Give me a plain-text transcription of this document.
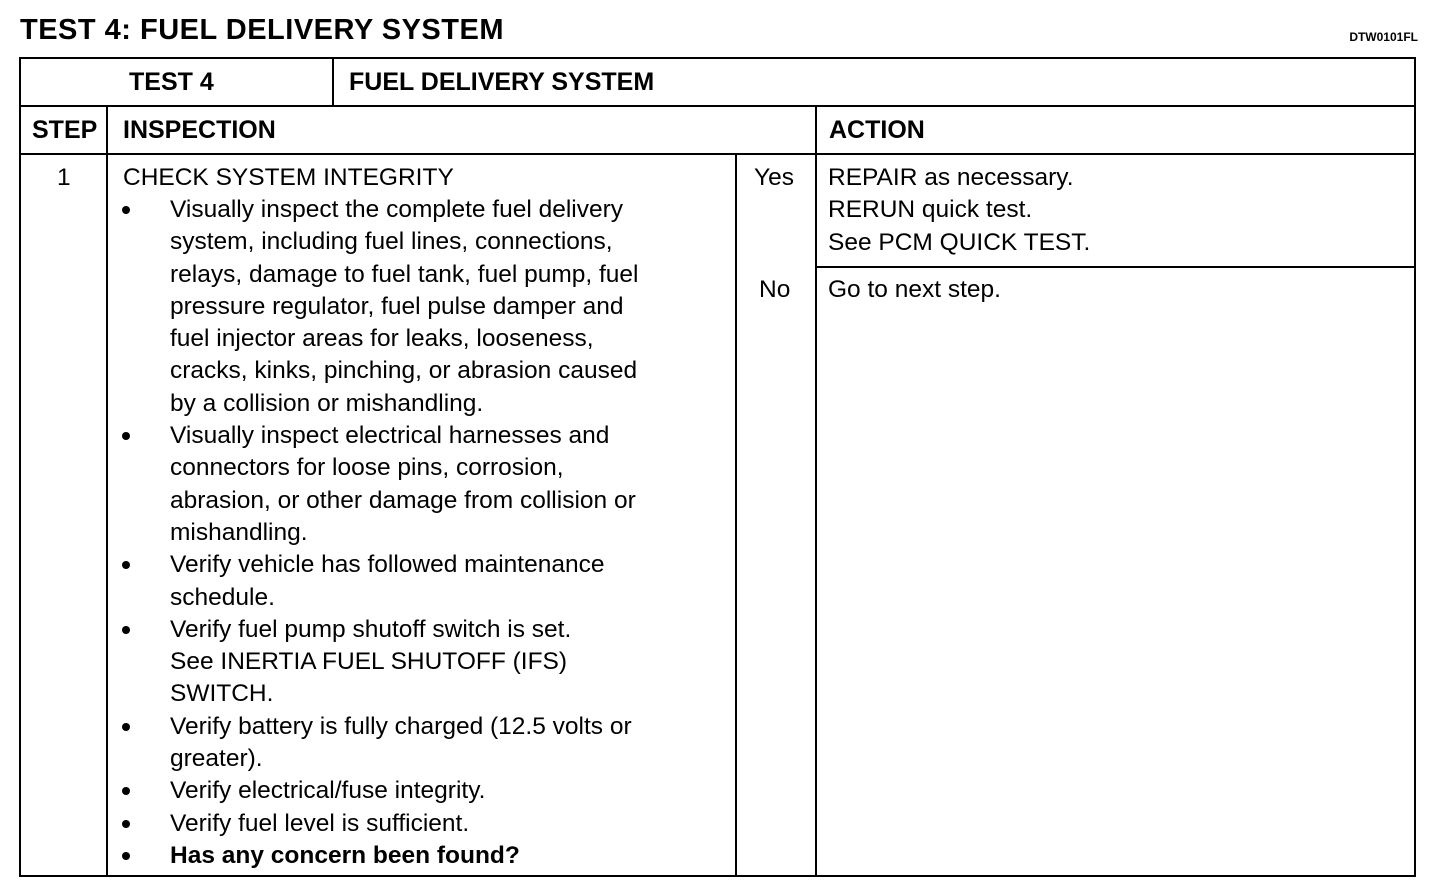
TEST 4: FUEL DELIVERY SYSTEM	DTW0101FL
TEST 4	FUEL DELIVERY SYSTEM
STEP INSPECTION	ACTION
1 CHECK SYSTEM INTEGRITY
Visually inspect the complete fuel delivery
system, including fuel lines, connections,
relays, damage to fuel tank, fuel pump, fuel
pressure regulator, fuel pulse damper and
fuel injector areas for leaks, looseness,
cracks, kinks, pinching, or abrasion caused
by a collision or mishandling.
Visually inspect electrical harnesses and
connectors for loose pins, corrosion,
abrasion, or other damage from collision or
mishandling.
Verify vehicle has followed maintenance
schedule.
Verify fuel pump shutoff switch is set.
See INERTIA FUEL SHUTOFF (IFS)
SWITCH.
Verify battery is fully charged (12.5 volts or
greater).
Verify electrical/fuse integrity.
Verify fuel level is sufficient.
Has any concern been found?
Yes REPAIR as necessary.
RERUN quick test.
See PCM QUICK TEST.
No Go to next step.
